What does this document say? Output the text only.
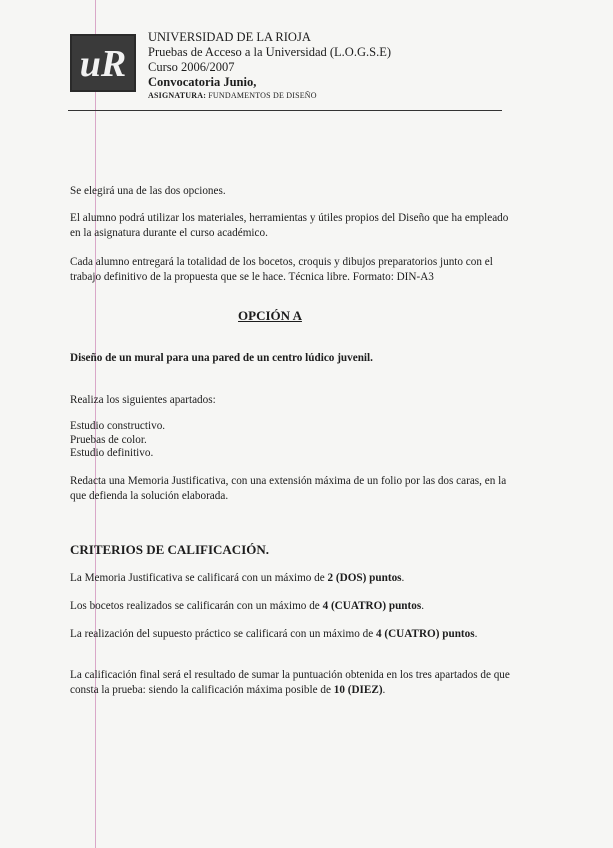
uR
UNIVERSIDAD DE LA RIOJA
Pruebas de Acceso a la Universidad (L.O.G.S.E)
Curso 2006/2007
Convocatoria Junio,
ASIGNATURA: FUNDAMENTOS DE DISEÑO
Se elegirá una de las dos opciones.
El alumno podrá utilizar los materiales, herramientas y útiles propios del Diseño que ha empleado en la asignatura durante el curso académico.
Cada alumno entregará la totalidad de los bocetos, croquis y dibujos preparatorios junto con el trabajo definitivo de la propuesta que se le hace. Técnica libre. Formato: DIN-A3
OPCIÓN A
Diseño de un mural para una pared de un centro lúdico juvenil.
Realiza los siguientes apartados:
Estudio constructivo.
Pruebas de color.
Estudio definitivo.
Redacta una Memoria Justificativa, con una extensión máxima de un folio por las dos caras, en la que defienda la solución elaborada.
CRITERIOS DE CALIFICACIÓN.
La Memoria Justificativa se calificará con un máximo de 2 (DOS) puntos.
Los bocetos realizados se calificarán con un máximo de 4 (CUATRO) puntos.
La realización del supuesto práctico se calificará con un máximo de 4 (CUATRO) puntos.
La calificación final será el resultado de sumar la puntuación obtenida en los tres apartados de que consta la prueba: siendo la calificación máxima posible de 10 (DIEZ).
